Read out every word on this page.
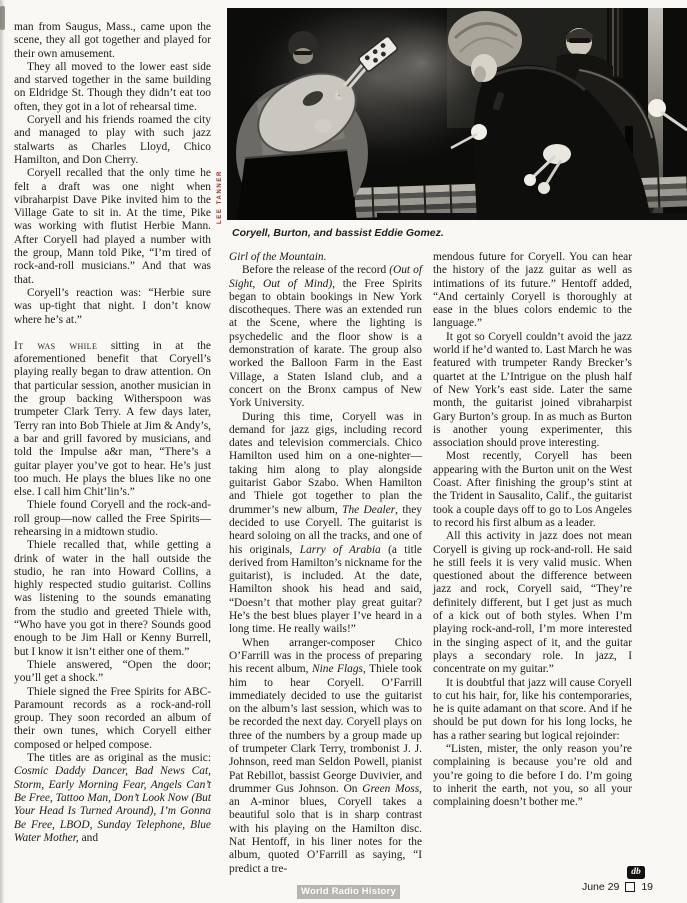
LEE TANNER
Coryell, Burton, and bassist Eddie Gomez.

man from Saugus, Mass., came upon the scene, they all got together and played for their own amusement.

They all moved to the lower east side and starved together in the same building on Eldridge St. Though they didn’t eat too often, they got in a lot of rehearsal time.

Coryell and his friends roamed the city and managed to play with such jazz stalwarts as Charles Lloyd, Chico Hamilton, and Don Cherry.

Coryell recalled that the only time he felt a draft was one night when vibraharpist Dave Pike invited him to the Village Gate to sit in. At the time, Pike was working with flutist Herbie Mann. After Coryell had played a number with the group, Mann told Pike, “I’m tired of rock-and-roll musicians.” And that was that.

Coryell’s reaction was: “Herbie sure was up-tight that night. I don’t know where he’s at.”

It was while sitting in at the aforementioned benefit that Coryell’s playing really began to draw attention. On that particular session, another musician in the group backing Witherspoon was trumpeter Clark Terry. A few days later, Terry ran into Bob Thiele at Jim & Andy’s, a bar and grill favored by musicians, and told the Impulse a&r man, “There’s a guitar player you’ve got to hear. He’s just too much. He plays the blues like no one else. I call him Chit’lin’s.”

Thiele found Coryell and the rock-and-roll group—now called the Free Spirits—rehearsing in a midtown studio.

Thiele recalled that, while getting a drink of water in the hall outside the studio, he ran into Howard Collins, a highly respected studio guitarist. Collins was listening to the sounds emanating from the studio and greeted Thiele with, “Who have you got in there? Sounds good enough to be Jim Hall or Kenny Burrell, but I know it isn’t either one of them.”

Thiele answered, “Open the door; you’ll get a shock.”

Thiele signed the Free Spirits for ABC-Paramount records as a rock-and-roll group. They soon recorded an album of their own tunes, which Coryell either composed or helped compose.

The titles are as original as the music: Cosmic Daddy Dancer, Bad News Cat, Storm, Early Morning Fear, Angels Can’t Be Free, Tattoo Man, Don’t Look Now (But Your Head Is Turned Around), I’m Gonna Be Free, LBOD, Sunday Telephone, Blue Water Mother, and

Girl of the Mountain.

Before the release of the record (Out of Sight, Out of Mind), the Free Spirits began to obtain bookings in New York discotheques. There was an extended run at the Scene, where the lighting is psychedelic and the floor show is a demonstration of karate. The group also worked the Balloon Farm in the East Village, a Staten Island club, and a concert on the Bronx campus of New York University.

During this time, Coryell was in demand for jazz gigs, including record dates and television commercials. Chico Hamilton used him on a one-nighter—taking him along to play alongside guitarist Gabor Szabo. When Hamilton and Thiele got together to plan the drummer’s new album, The Dealer, they decided to use Coryell. The guitarist is heard soloing on all the tracks, and one of his originals, Larry of Arabia (a title derived from Hamilton’s nickname for the guitarist), is included. At the date, Hamilton shook his head and said, “Doesn’t that mother play great guitar? He’s the best blues player I’ve heard in a long time. He really wails!”

When arranger-composer Chico O’Farrill was in the process of preparing his recent album, Nine Flags, Thiele took him to hear Coryell. O’Farrill immediately decided to use the guitarist on the album’s last session, which was to be recorded the next day. Coryell plays on three of the numbers by a group made up of trumpeter Clark Terry, trombonist J. J. Johnson, reed man Seldon Powell, pianist Pat Rebillot, bassist George Duvivier, and drummer Gus Johnson. On Green Moss, an A-minor blues, Coryell takes a beautiful solo that is in sharp contrast with his playing on the Hamilton disc. Nat Hentoff, in his liner notes for the album, quoted O’Farrill as saying, “I predict a tre-

mendous future for Coryell. You can hear the history of the jazz guitar as well as intimations of its future.” Hentoff added, “And certainly Coryell is thoroughly at ease in the blues colors endemic to the language.”

It got so Coryell couldn’t avoid the jazz world if he’d wanted to. Last March he was featured with trumpeter Randy Brecker’s quartet at the L’Intrigue on the plush half of New York’s east side. Later the same month, the guitarist joined vibraharpist Gary Burton’s group. In as much as Burton is another young experimenter, this association should prove interesting.

Most recently, Coryell has been appearing with the Burton unit on the West Coast. After finishing the group’s stint at the Trident in Sausalito, Calif., the guitarist took a couple days off to go to Los Angeles to record his first album as a leader.

All this activity in jazz does not mean Coryell is giving up rock-and-roll. He said he still feels it is very valid music. When questioned about the difference between jazz and rock, Coryell said, “They’re definitely different, but I get just as much of a kick out of both styles. When I’m playing rock-and-roll, I’m more interested in the singing aspect of it, and the guitar plays a secondary role. In jazz, I concentrate on my guitar.”

It is doubtful that jazz will cause Coryell to cut his hair, for, like his contemporaries, he is quite adamant on that score. And if he should be put down for his long locks, he has a rather searing but logical rejoinder:

“Listen, mister, the only reason you’re complaining is because you’re old and you’re going to die before I do. I’m going to inherit the earth, not you, so all your complaining doesn’t bother me.”

db
June 29 19
World Radio History
